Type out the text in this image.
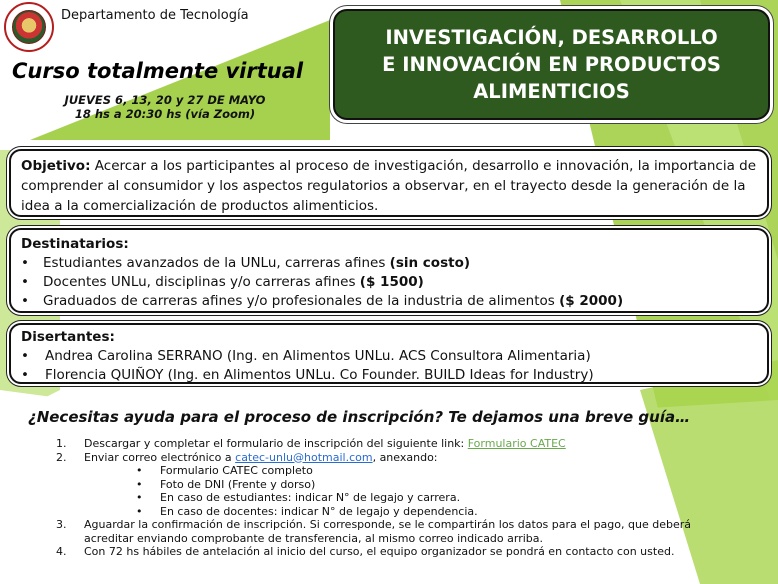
Departamento de Tecnología
Curso totalmente virtual
JUEVES 6, 13, 20 y 27 DE MAYO
18 hs a 20:30 hs (vía Zoom)
INVESTIGACIÓN, DESARROLLO
E INNOVACIÓN EN PRODUCTOS
ALIMENTICIOS
Objetivo: Acercar a los participantes al proceso de investigación, desarrollo e innovación, la importancia de comprender al consumidor y los aspectos regulatorios a observar, en el trayecto desde la generación de la idea a la comercialización de productos alimenticios.
Destinatarios:
• Estudiantes avanzados de la UNLu, carreras afines (sin costo)
• Docentes UNLu, disciplinas y/o carreras afines ($ 1500)
• Graduados de carreras afines y/o profesionales de la industria de alimentos ($ 2000)
Disertantes:
• Andrea Carolina SERRANO (Ing. en Alimentos UNLu. ACS Consultora Alimentaria)
• Florencia QUIÑOY (Ing. en Alimentos UNLu. Co Founder. BUILD Ideas for Industry)
¿Necesitas ayuda para el proceso de inscripción? Te dejamos una breve guía…
1. Descargar y completar el formulario de inscripción del siguiente link: Formulario CATEC
2. Enviar correo electrónico a catec-unlu@hotmail.com, anexando:
• Formulario CATEC completo
• Foto de DNI (Frente y dorso)
• En caso de estudiantes: indicar N° de legajo y carrera.
• En caso de docentes: indicar N° de legajo y dependencia.
3. Aguardar la confirmación de inscripción. Si corresponde, se le compartirán los datos para el pago, que deberá acreditar enviando comprobante de transferencia, al mismo correo indicado arriba.
4. Con 72 hs hábiles de antelación al inicio del curso, el equipo organizador se pondrá en contacto con usted.
